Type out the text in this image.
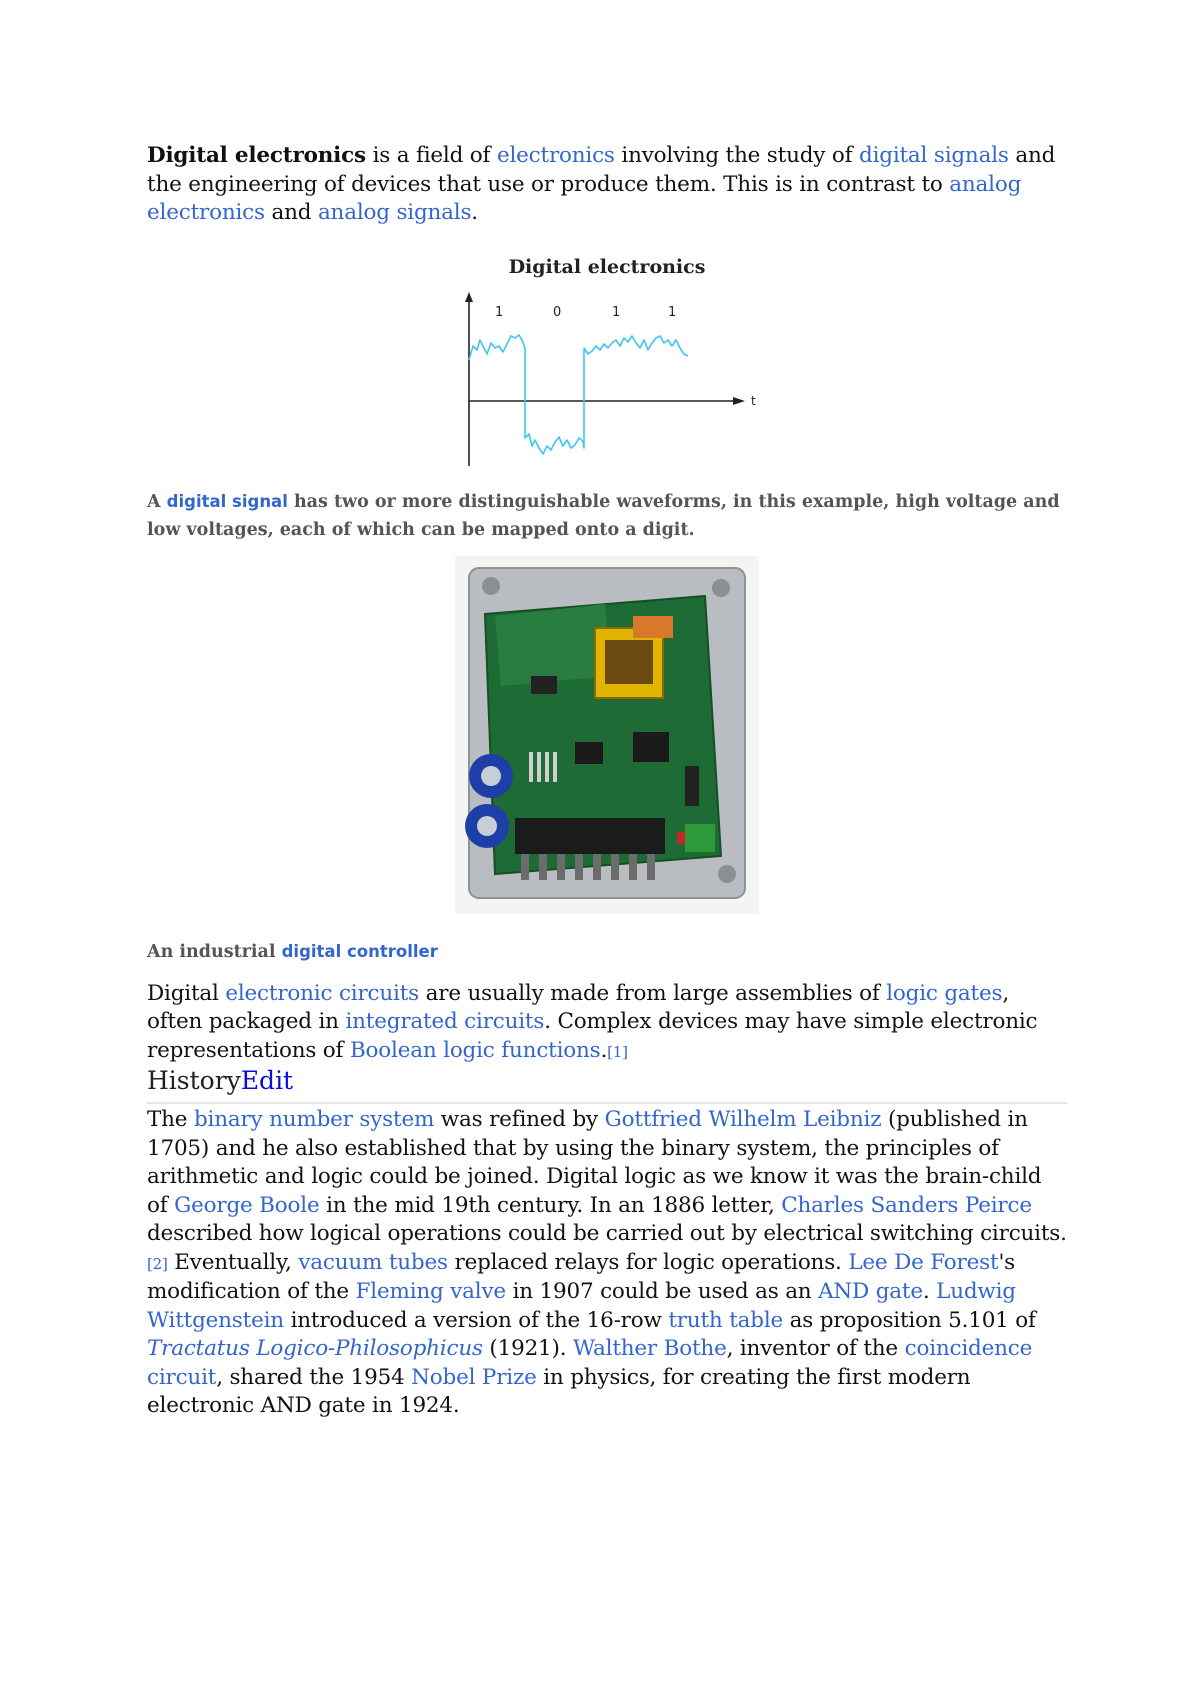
Digital electronics is a field of electronics involving the study of digital signals and the engineering of devices that use or produce them. This is in contrast to analog electronics and analog signals.

Digital electronics
t
1	0	1	1

A digital signal has two or more distinguishable waveforms, in this example, high voltage and low voltages, each of which can be mapped onto a digit.

An industrial digital controller

Digital electronic circuits are usually made from large assemblies of logic gates, often packaged in integrated circuits. Complex devices may have simple electronic representations of Boolean logic functions.[1]

HistoryEdit

The binary number system was refined by Gottfried Wilhelm Leibniz (published in 1705) and he also established that by using the binary system, the principles of arithmetic and logic could be joined. Digital logic as we know it was the brain-child of George Boole in the mid 19th century. In an 1886 letter, Charles Sanders Peirce described how logical operations could be carried out by electrical switching circuits.[2] Eventually, vacuum tubes replaced relays for logic operations. Lee De Forest's modification of the Fleming valve in 1907 could be used as an AND gate. Ludwig Wittgenstein introduced a version of the 16-row truth table as proposition 5.101 of Tractatus Logico-Philosophicus (1921). Walther Bothe, inventor of the coincidence circuit, shared the 1954 Nobel Prize in physics, for creating the first modern electronic AND gate in 1924.
